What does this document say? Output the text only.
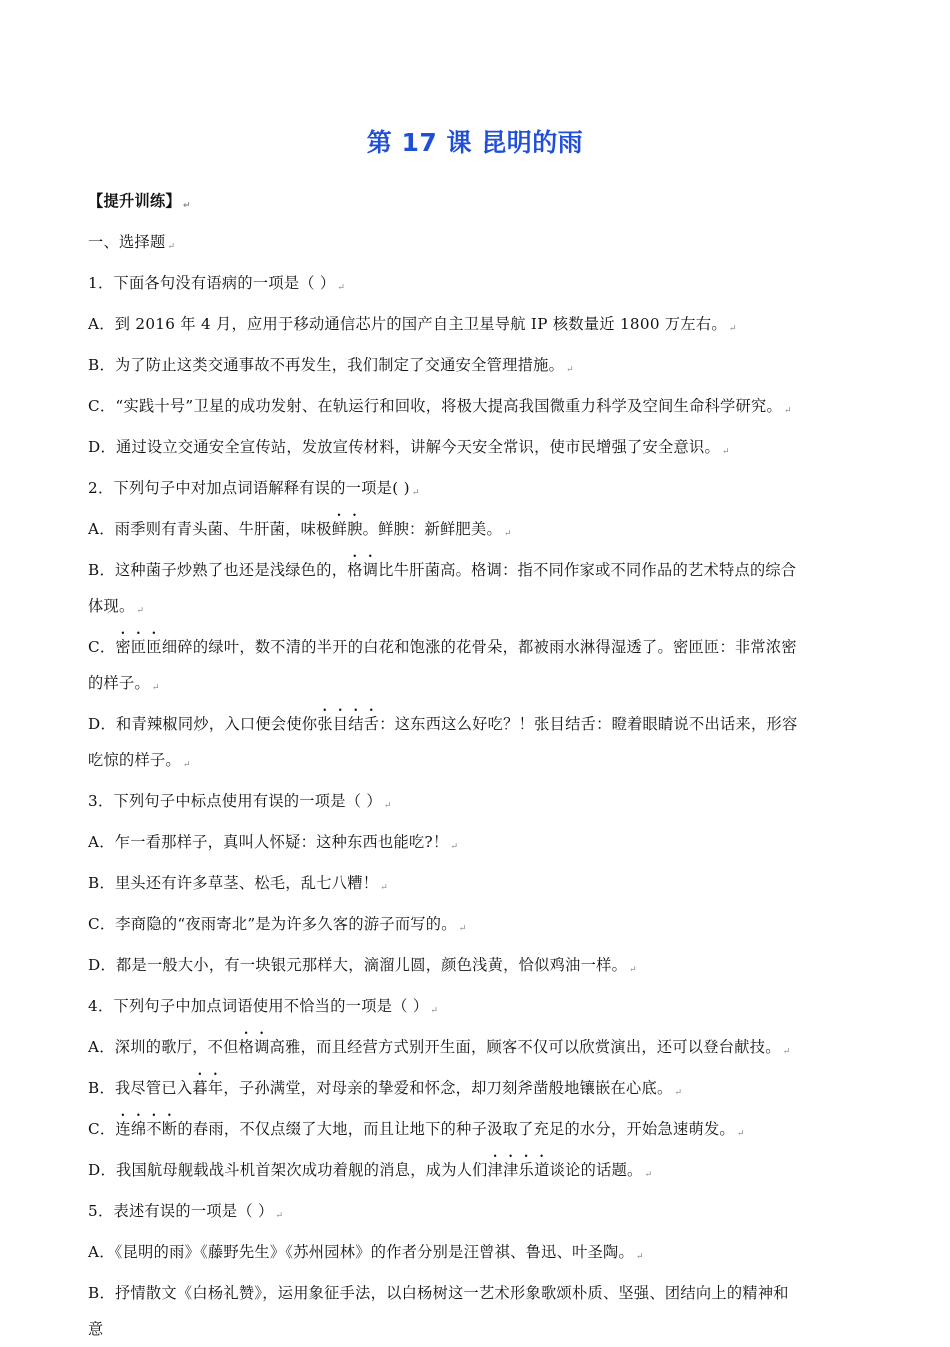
第 17 课 昆明的雨
【提升训练】 ↵
一、选择题 ↵
1．下面各句没有语病的一项是（ ） ↵
A．到 2016 年 4 月，应用于移动通信芯片的国产自主卫星导航 IP 核数量近 1800 万左右。 ↵
B．为了防止这类交通事故不再发生，我们制定了交通安全管理措施。 ↵
C．“实践十号”卫星的成功发射、在轨运行和回收，将极大提高我国微重力科学及空间生命科学研究。 ↵
D．通过设立交通安全宣传站，发放宣传材料，讲解今天安全常识，使市民增强了安全意识。 ↵
2．下列句子中对加点词语解释有误的一项是( ) ↵
A．雨季则有青头菌、牛肝菌，味极鲜腴。鲜腴：新鲜肥美。 ↵
B．这种菌子炒熟了也还是浅绿色的，格调比牛肝菌高。格调：指不同作家或不同作品的艺术特点的综合
体现。 ↵
C．密匝匝细碎的绿叶，数不清的半开的白花和饱涨的花骨朵，都被雨水淋得湿透了。密匝匝：非常浓密
的样子。 ↵
D．和青辣椒同炒，入口便会使你张目结舌：这东西这么好吃？！张目结舌：瞪着眼睛说不出话来，形容
吃惊的样子。 ↵
3．下列句子中标点使用有误的一项是（ ） ↵
A．乍一看那样子，真叫人怀疑：这种东西也能吃?！ ↵
B．里头还有许多草茎、松毛，乱七八糟！ ↵
C．李商隐的“夜雨寄北”是为许多久客的游子而写的。 ↵
D．都是一般大小，有一块银元那样大，滴溜儿圆，颜色浅黄，恰似鸡油一样。 ↵
4．下列句子中加点词语使用不恰当的一项是（ ） ↵
A．深圳的歌厅，不但格调高雅，而且经营方式别开生面，顾客不仅可以欣赏演出，还可以登台献技。 ↵
B．我尽管已入暮年，子孙满堂，对母亲的挚爱和怀念，却刀刻斧凿般地镶嵌在心底。 ↵
C．连绵不断的春雨，不仅点缀了大地，而且让地下的种子汲取了充足的水分，开始急速萌发。 ↵
D．我国航母舰载战斗机首架次成功着舰的消息，成为人们津津乐道谈论的话题。 ↵
5．表述有误的一项是（ ） ↵
A．《昆明的雨》《藤野先生》《苏州园林》的作者分别是汪曾祺、鲁迅、叶圣陶。 ↵
B．抒情散文《白杨礼赞》，运用象征手法，以白杨树这一艺术形象歌颂朴质、坚强、团结向上的精神和
意
